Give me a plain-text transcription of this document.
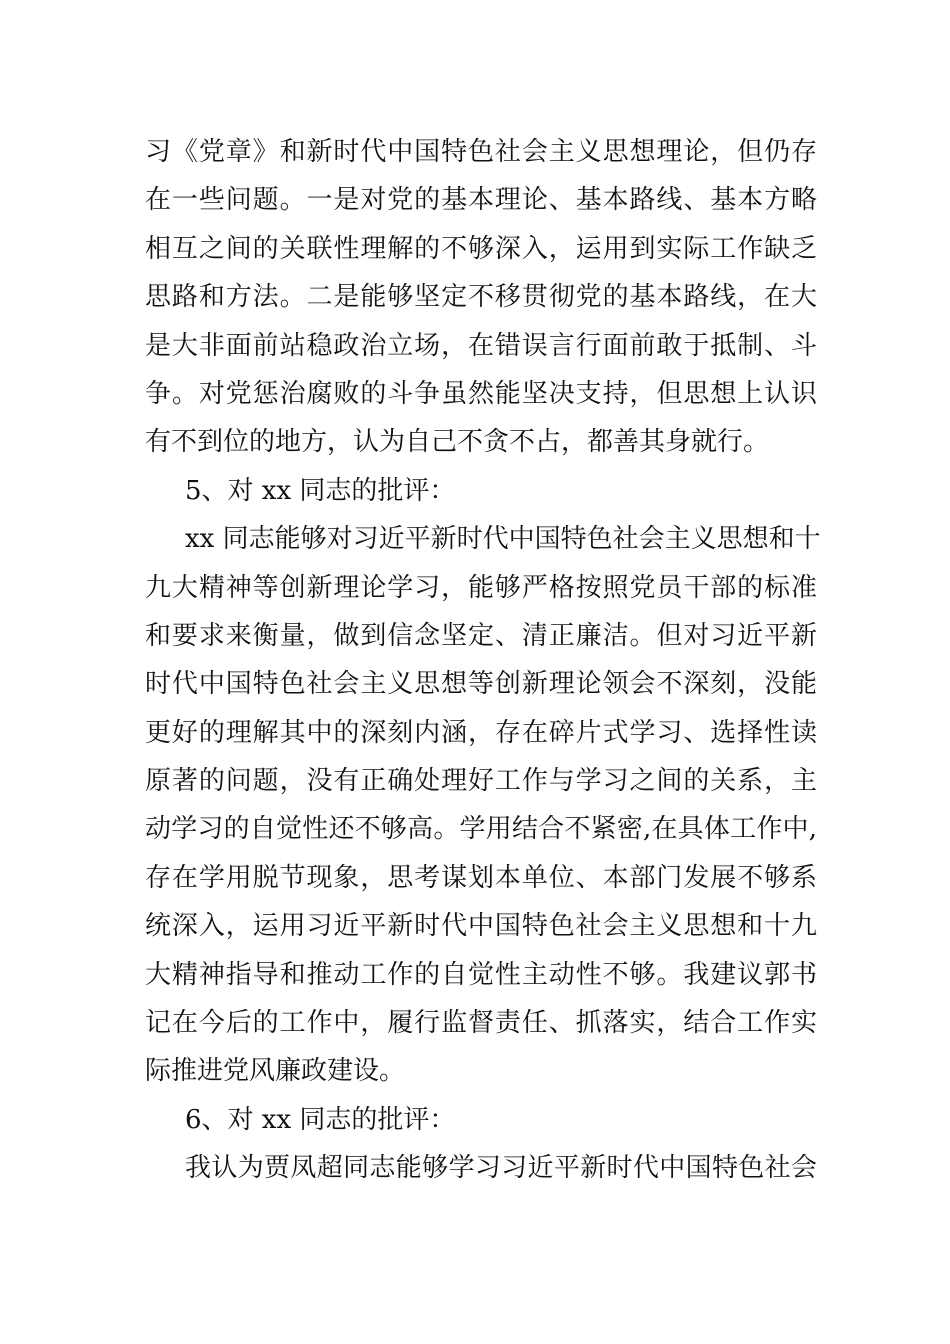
习《党章》和新时代中国特色社会主义思想理论，但仍存
在一些问题。一是对党的基本理论、基本路线、基本方略
相互之间的关联性理解的不够深入，运用到实际工作缺乏
思路和方法。二是能够坚定不移贯彻党的基本路线，在大
是大非面前站稳政治立场，在错误言行面前敢于抵制、斗
争。对党惩治腐败的斗争虽然能坚决支持，但思想上认识
有不到位的地方，认为自己不贪不占，都善其身就行。
5、对 xx 同志的批评：
xx 同志能够对习近平新时代中国特色社会主义思想和十
九大精神等创新理论学习，能够严格按照党员干部的标准
和要求来衡量，做到信念坚定、清正廉洁。但对习近平新
时代中国特色社会主义思想等创新理论领会不深刻，没能
更好的理解其中的深刻内涵，存在碎片式学习、选择性读
原著的问题，没有正确处理好工作与学习之间的关系，主
动学习的自觉性还不够高。学用结合不紧密,在具体工作中,
存在学用脱节现象，思考谋划本单位、本部门发展不够系
统深入，运用习近平新时代中国特色社会主义思想和十九
大精神指导和推动工作的自觉性主动性不够。我建议郭书
记在今后的工作中，履行监督责任、抓落实，结合工作实
际推进党风廉政建设。
6、对 xx 同志的批评：
我认为贾凤超同志能够学习习近平新时代中国特色社会
